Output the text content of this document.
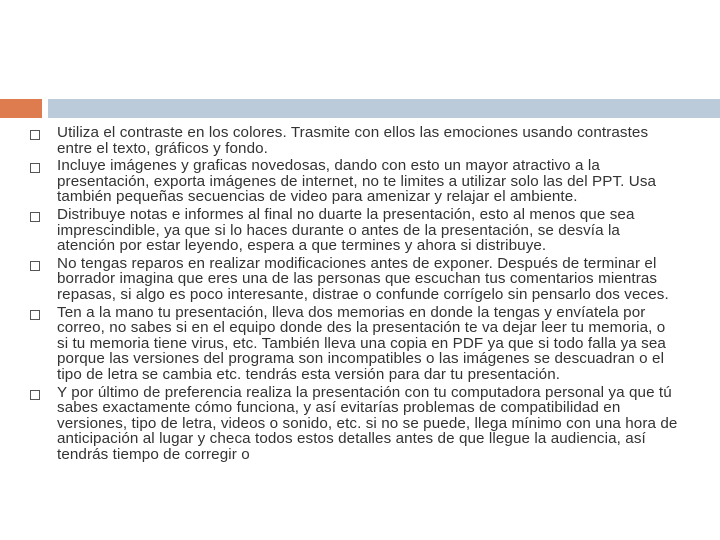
Utiliza el contraste en los colores. Trasmite con ellos las emociones usando contrastes entre el texto, gráficos y fondo.
Incluye imágenes y graficas novedosas, dando con esto un mayor atractivo a la presentación, exporta imágenes de internet, no te limites a utilizar solo las del PPT. Usa también pequeñas secuencias de video para amenizar y relajar el ambiente.
Distribuye notas e informes al final no duarte la presentación, esto al menos que sea imprescindible, ya que si lo haces durante o antes de la presentación, se desvía la atención por estar leyendo, espera a que termines y ahora si distribuye.
No tengas reparos en realizar modificaciones antes de exponer. Después de terminar el borrador imagina que eres una de las personas que escuchan tus comentarios mientras repasas, si algo es poco interesante, distrae o confunde corrígelo sin pensarlo dos veces.
Ten a la mano tu presentación, lleva dos memorias en donde la tengas y envíatela por correo, no sabes si en el equipo donde des la presentación te va dejar leer tu memoria, o si tu memoria tiene virus, etc. También lleva una copia en PDF ya que si todo falla ya sea porque las versiones del programa son incompatibles o las imágenes se descuadran o el tipo de letra se cambia etc. tendrás esta versión para dar tu presentación.
Y por último de preferencia realiza la presentación con tu computadora personal ya que tú sabes exactamente cómo funciona, y así evitarías problemas de compatibilidad en versiones, tipo de letra, videos o sonido, etc. si no se puede, llega mínimo con una hora de anticipación al lugar y checa todos estos detalles antes de que llegue la audiencia, así tendrás tiempo de corregir o
